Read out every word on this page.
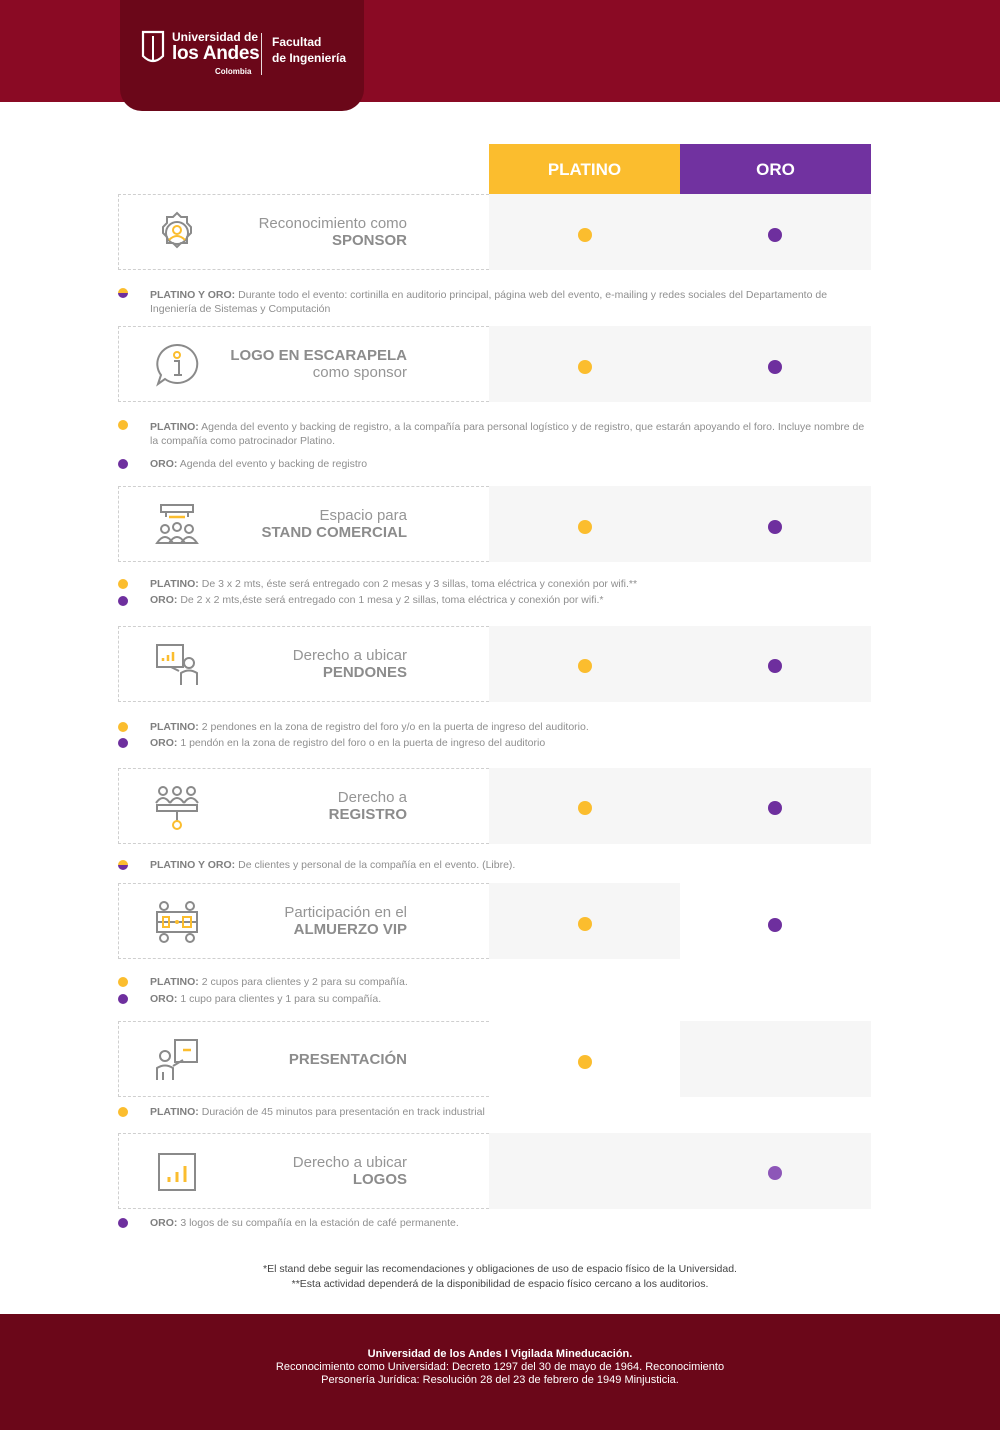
Universidad de
los Andes
Colombia
Facultad
de Ingeniería
PLATINO	ORO
Reconocimiento como
SPONSOR
PLATINO Y ORO: Durante todo el evento: cortinilla en auditorio principal, página web del evento, e-mailing y redes sociales del Departamento de Ingeniería de Sistemas y Computación
LOGO EN ESCARAPELA
como sponsor
PLATINO: Agenda del evento y backing de registro, a la compañía para personal logístico y de registro, que estarán apoyando el foro. Incluye nombre de la compañía como patrocinador Platino.
ORO: Agenda del evento y backing de registro
Espacio para
STAND COMERCIAL
PLATINO: De 3 x 2 mts, éste será entregado con 2 mesas y 3 sillas, toma eléctrica y conexión por wifi.**
ORO: De 2 x 2 mts,éste será entregado con 1 mesa y 2 sillas, toma eléctrica y conexión por wifi.*
Derecho a ubicar
PENDONES
PLATINO: 2 pendones en la zona de registro del foro y/o en la puerta de ingreso del auditorio.
ORO: 1 pendón en la zona de registro del foro o en la puerta de ingreso del auditorio
Derecho a
REGISTRO
PLATINO Y ORO: De clientes y personal de la compañía en el evento. (Libre).
Participación en el
ALMUERZO VIP
PLATINO: 2 cupos para clientes y 2 para su compañía.
ORO: 1 cupo para clientes y 1 para su compañía.
PRESENTACIÓN
PLATINO: Duración de 45 minutos para presentación en track industrial
Derecho a ubicar
LOGOS
ORO: 3 logos de su compañía en la estación de café permanente.
*El stand debe seguir las recomendaciones y obligaciones de uso de espacio físico de la Universidad.
**Esta actividad dependerá de la disponibilidad de espacio físico cercano a los auditorios.
Universidad de los Andes I Vigilada Mineducación.
Reconocimiento como Universidad: Decreto 1297 del 30 de mayo de 1964. Reconocimiento
Personería Jurídica: Resolución 28 del 23 de febrero de 1949 Minjusticia.
